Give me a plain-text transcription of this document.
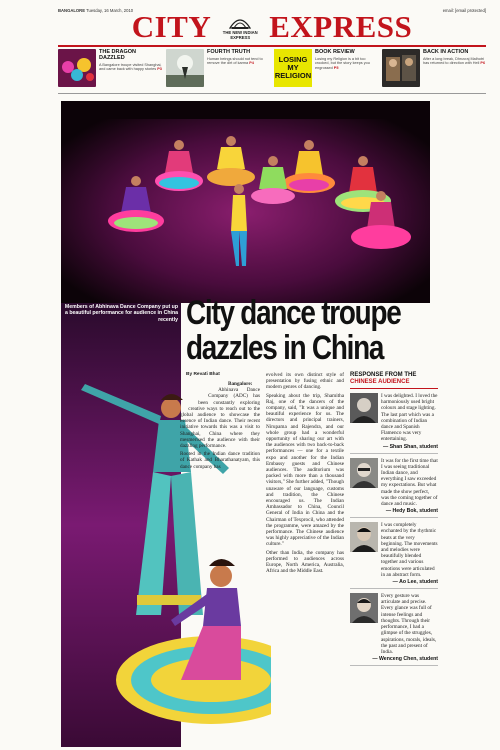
BANGALORE Tuesday, 16 March, 2010	email: [email protected]
CITY	THE NEW INDIAN EXPRESS EXPRESS
THE DRAGON DAZZLED
A Bangalore troupe visited Shanghai, and came back with happy stories P3
FOURTH TRUTH
Human beings should not tend to remove the dirt of karma P4	LOSING MY RELIGION
BOOK REVIEW
Losing my Religion is a bit too crooked, but the story keeps you engrossed P5
BACK IN ACTION
After a long break, Dhruvraj Malhotri has returned to direction with Hell P6
Members of Abhinava Dance Company put up a beautiful performance for audience in China recently City dance troupe
dazzles in China
By Revati Bhat

Bangalore: Abhinava Dance Company (ADC) has been constantly exploring creative ways to reach out to the global audience to showcase the essence of Indian dance. Their recent initiative towards this was a visit to Shanghai, China where they mesmerised the audience with their dazzling performance.

Rooted in the Indian dance tradition of Kathak and Bharathanatyam, this dance company has

evolved its own distinct style of presentation by fusing ethnic and modern genres of dancing.

Speaking about the trip, Shamitha Raj, one of the dancers of the company, said, "It was a unique and beautiful experience for us. The directors and principal trainers, Nirupama and Rajendra, and our whole group had a wonderful opportunity of sharing our art with the audiences with two back-to-back performances — one for a textile expo and another for the Indian Embassy guests and Chinese audiences. The auditorium was packed with more than a thousand visitors," She further added, "Though unaware of our language, customs and tradition, the Chinese encouraged us. The Indian Ambassador to China, Council General of India in China and the Chairman of Texprocil, who attended the programme, were amazed by the performance. The Chinese audience was highly appreciative of the Indian culture."

Other than India, the company has performed to audiences across Europe, North America, Australia, Africa and the Middle East.

RESPONSE FROM THE
CHINESE AUDIENCE
I was delighted. I loved the harmoniously used bright colours and stage lighting. The last part which was a combination of Indian dance and Spanish Flamenco was very entertaining.
— Shan Shan, student
It was for the first time that I was seeing traditional Indian dance, and everything I saw exceeded my expectations. But what made the show perfect, was the coming together of dance and music.
— Hedy Bok, student
I was completely enchanted by the rhythmic beats at the very beginning. The movements and melodies were beautifully blended together and various emotions were articulated in an abstract form.
— Ao Lee, student
Every gesture was articulate and precise. Every glance was full of intense feelings and thoughts. Through their performance, I had a glimpse of the struggles, aspirations, morals, ideals, the past and present of India.
— Wenceng Chen, student
